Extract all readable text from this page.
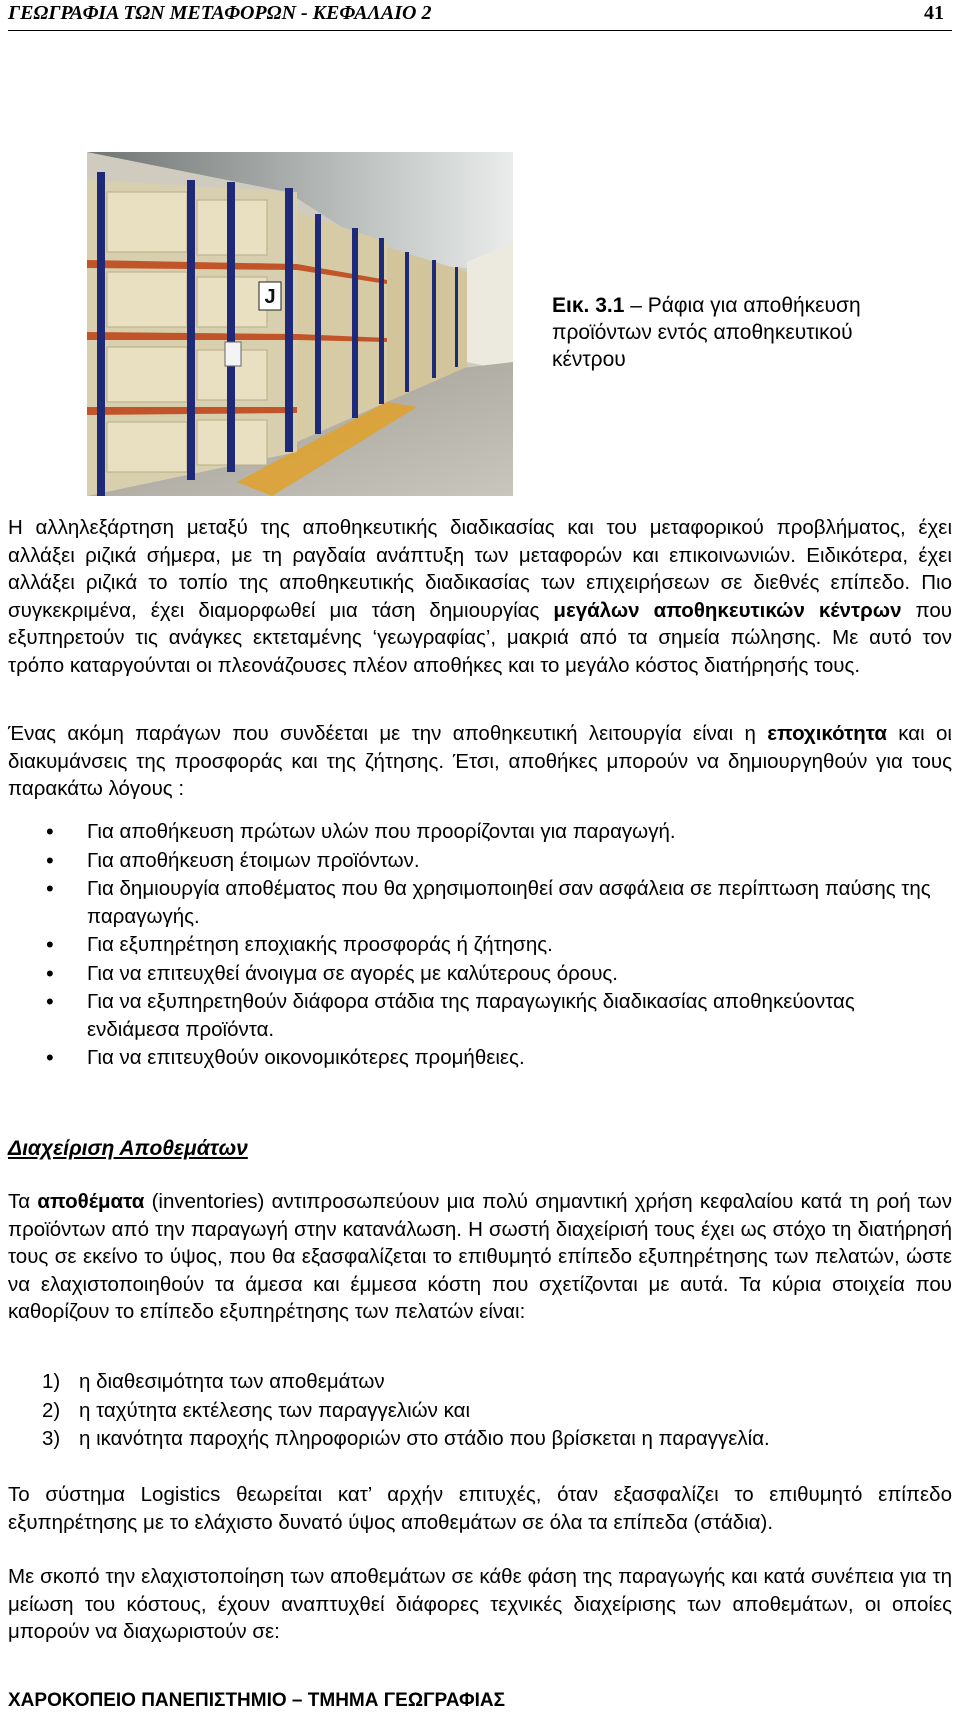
ΓΕΩΓΡΑΦΙΑ ΤΩΝ ΜΕΤΑΦΟΡΩΝ - ΚΕΦΑΛΑΙΟ 2	41
J	Εικ. 3.1 – Ράφια για αποθήκευση προϊόντων εντός αποθηκευτικού κέντρου

Η αλληλεξάρτηση μεταξύ της αποθηκευτικής διαδικασίας και του μεταφορικού προβλήματος, έχει αλλάξει ριζικά σήμερα, με τη ραγδαία ανάπτυξη των μεταφορών και επικοινωνιών. Ειδικότερα, έχει αλλάξει ριζικά το τοπίο της αποθηκευτικής διαδικασίας των επιχειρήσεων σε διεθνές επίπεδο. Πιο συγκεκριμένα, έχει διαμορφωθεί μια τάση δημιουργίας μεγάλων αποθηκευτικών κέντρων που εξυπηρετούν τις ανάγκες εκτεταμένης ‘γεωγραφίας’, μακριά από τα σημεία πώλησης. Με αυτό τον τρόπο καταργούνται οι πλεονάζουσες πλέον αποθήκες και το μεγάλο κόστος διατήρησής τους.

Ένας ακόμη παράγων που συνδέεται με την αποθηκευτική λειτουργία είναι η εποχικότητα και οι διακυμάνσεις της προσφοράς και της ζήτησης. Έτσι, αποθήκες μπορούν να δημιουργηθούν για τους παρακάτω λόγους :

• Για αποθήκευση πρώτων υλών που προορίζονται για παραγωγή.
• Για αποθήκευση έτοιμων προϊόντων.
• Για δημιουργία αποθέματος που θα χρησιμοποιηθεί σαν ασφάλεια σε περίπτωση παύσης της παραγωγής.
• Για εξυπηρέτηση εποχιακής προσφοράς ή ζήτησης.
• Για να επιτευχθεί άνοιγμα σε αγορές με καλύτερους όρους.
• Για να εξυπηρετηθούν διάφορα στάδια της παραγωγικής διαδικασίας αποθηκεύοντας ενδιάμεσα προϊόντα.
• Για να επιτευχθούν οικονομικότερες προμήθειες.

Διαχείριση Αποθεμάτων

Τα αποθέματα (inventories) αντιπροσωπεύουν μια πολύ σημαντική χρήση κεφαλαίου κατά τη ροή των προϊόντων από την παραγωγή στην κατανάλωση. Η σωστή διαχείρισή τους έχει ως στόχο τη διατήρησή τους σε εκείνο το ύψος, που θα εξασφαλίζεται το επιθυμητό επίπεδο εξυπηρέτησης των πελατών, ώστε να ελαχιστοποιηθούν τα άμεσα και έμμεσα κόστη που σχετίζονται με αυτά. Τα κύρια στοιχεία που καθορίζουν το επίπεδο εξυπηρέτησης των πελατών είναι:

1) η διαθεσιμότητα των αποθεμάτων
2) η ταχύτητα εκτέλεσης των παραγγελιών και
3) η ικανότητα παροχής πληροφοριών στο στάδιο που βρίσκεται η παραγγελία.

Το σύστημα Logistics θεωρείται κατ’ αρχήν επιτυχές, όταν εξασφαλίζει το επιθυμητό επίπεδο εξυπηρέτησης με το ελάχιστο δυνατό ύψος αποθεμάτων σε όλα τα επίπεδα (στάδια).

Με σκοπό την ελαχιστοποίηση των αποθεμάτων σε κάθε φάση της παραγωγής και κατά συνέπεια για τη μείωση του κόστους, έχουν αναπτυχθεί διάφορες τεχνικές διαχείρισης των αποθεμάτων, οι οποίες μπορούν να διαχωριστούν σε:

ΧΑΡΟΚΟΠΕΙΟ ΠΑΝΕΠΙΣΤΗΜΙΟ – ΤΜΗΜΑ ΓΕΩΓΡΑΦΙΑΣ
